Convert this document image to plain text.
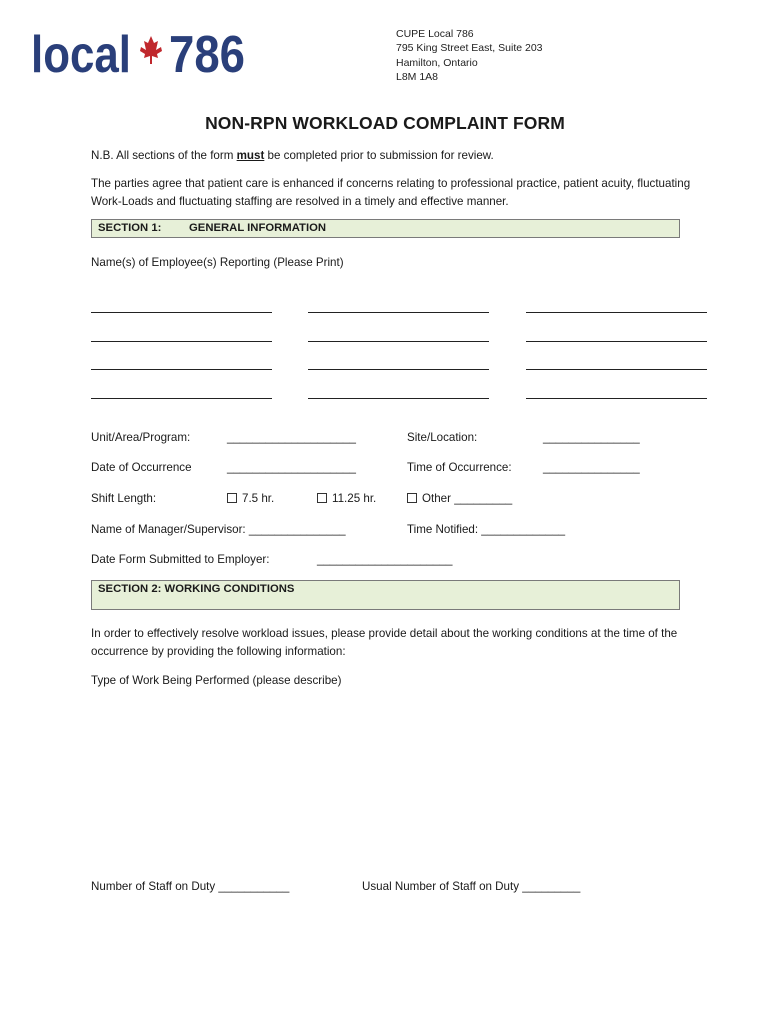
local 786	CUPE Local 786
795 King Street East, Suite 203
Hamilton, Ontario
L8M 1A8
NON-RPN WORKLOAD COMPLAINT FORM
N.B. All sections of the form must be completed prior to submission for review.
The parties agree that patient care is enhanced if concerns relating to professional practice, patient acuity, fluctuating Work-Loads and fluctuating staffing are resolved in a timely and effective manner.
SECTION 1: GENERAL INFORMATION
Name(s) of Employee(s) Reporting (Please Print)
Unit/Area/Program:	____________________	Site/Location:	_______________
Date of Occurrence	____________________	Time of Occurrence:	_______________
Shift Length:	7.5 hr.	11.25 hr.	Other _________
Name of Manager/Supervisor: _______________	Time Notified: _____________
Date Form Submitted to Employer:	_____________________
SECTION 2: WORKING CONDITIONS
In order to effectively resolve workload issues, please provide detail about the working conditions at the time of the occurrence by providing the following information:
Type of Work Being Performed (please describe)
Number of Staff on Duty ___________	Usual Number of Staff on Duty _________
